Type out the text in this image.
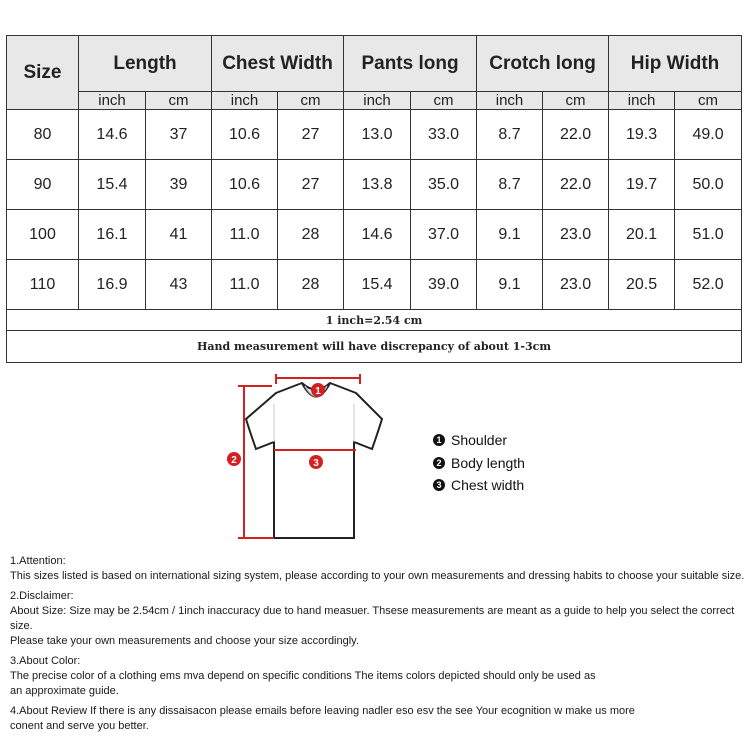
Size	Length		Chest Width		Pants long		Crotch long		Hip Width	
	inch	cm	inch	cm	inch	cm	inch	cm	inch	cm
80	14.6	37	10.6	27	13.0	33.0	8.7	22.0	19.3	49.0
90	15.4	39	10.6	27	13.8	35.0	8.7	22.0	19.7	50.0
100	16.1	41	11.0	28	14.6	37.0	9.1	23.0	20.1	51.0
110	16.9	43	11.0	28	15.4	39.0	9.1	23.0	20.5	52.0
1 inch=2.54 cm										
Hand measurement will have discrepancy of about 1-3cm										
1
2	3
1 Shoulder
2 Body length
3 Chest width

1.Attention:

This sizes listed is based on international sizing system, please according to your own measurements and dressing habits to choose your suitable size.

2.Disclaimer:

About Size: Size may be 2.54cm / 1inch inaccuracy due to hand measuer. Thsese measurements are meant as a guide to help you select the correct size.

Please take your own measurements and choose your size accordingly.

3.About Color:

The precise color of a clothing ems mva depend on specific conditions The items colors depicted should only be used as

an approximate guide.

4.About Review If there is any dissaisacon please emails before leaving nadler eso esv the see Your ecognition w make us more

conent and serve you better.
